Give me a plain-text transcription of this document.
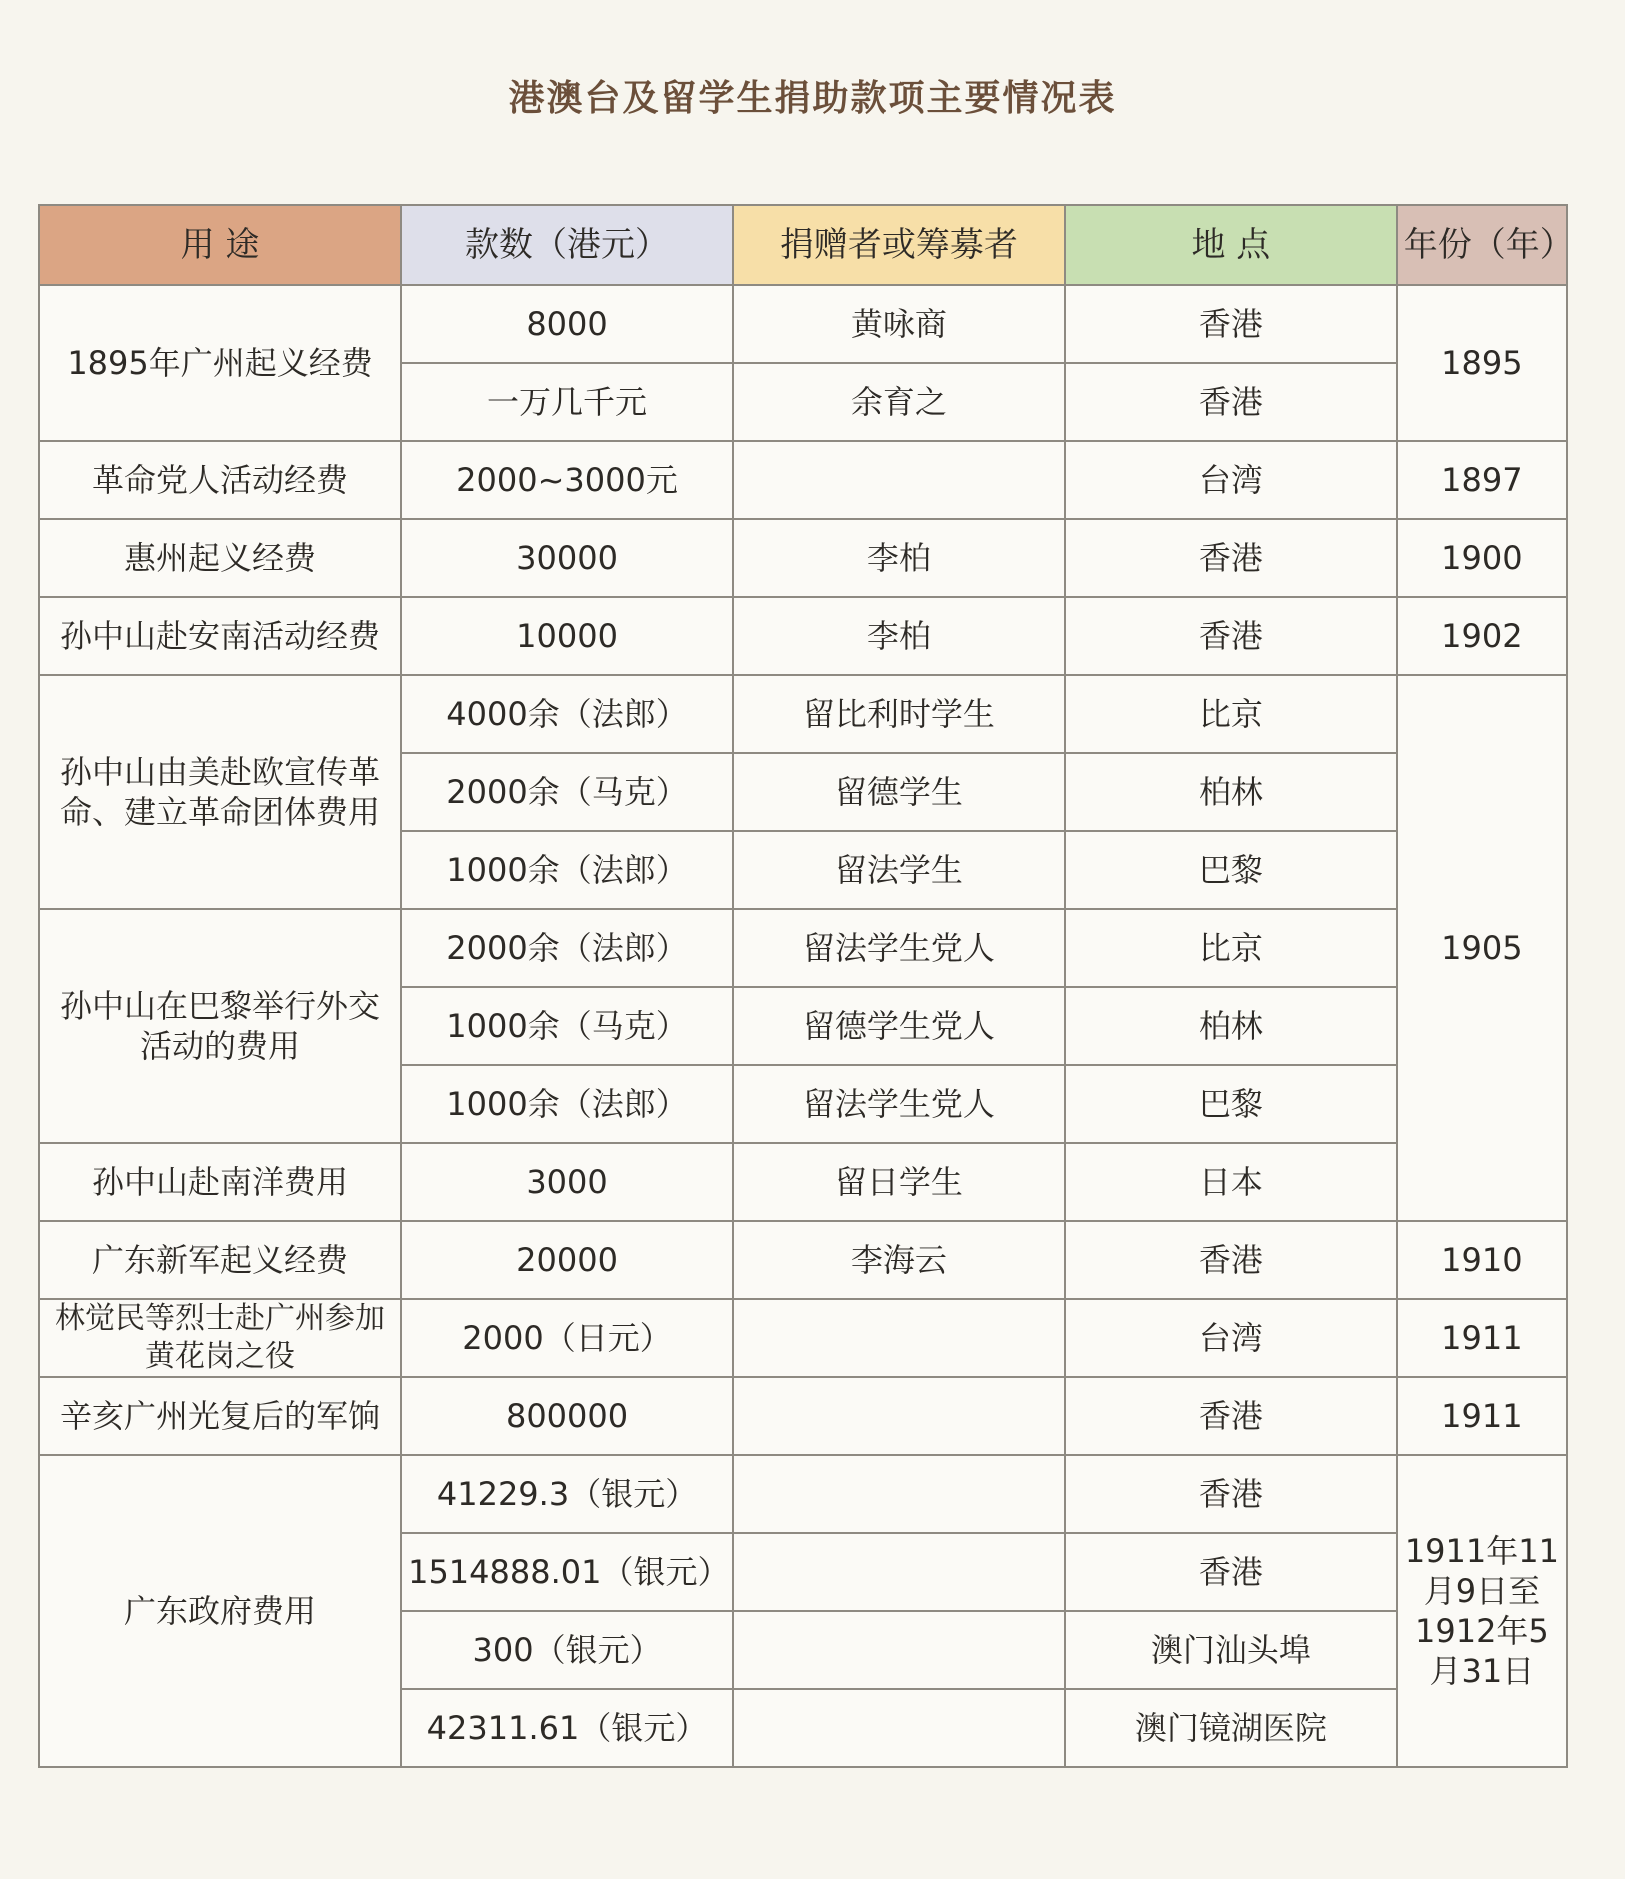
港澳台及留学生捐助款项主要情况表
用 途	款数（港元）	捐赠者或筹募者	地 点	年份（年）
1895年广州起义经费	8000	黄咏商	香港	1895
	一万几千元	余育之	香港	
革命党人活动经费	2000~3000元		台湾	1897
惠州起义经费	30000	李柏	香港	1900
孙中山赴安南活动经费	10000	李柏	香港	1902
孙中山由美赴欧宣传革命、建立革命团体费用	4000余（法郎）	留比利时学生	比京	1905
	2000余（马克）	留德学生	柏林	
	1000余（法郎）	留法学生	巴黎	
孙中山在巴黎举行外交活动的费用	2000余（法郎）	留法学生党人	比京	
	1000余（马克）	留德学生党人	柏林	
	1000余（法郎）	留法学生党人	巴黎	
孙中山赴南洋费用	3000	留日学生	日本	
广东新军起义经费	20000	李海云	香港	1910
林觉民等烈士赴广州参加黄花岗之役	2000（日元）		台湾	1911
辛亥广州光复后的军饷	800000		香港	1911
广东政府费用	41229.3（银元）		香港	1911年11月9日至1912年5月31日
	1514888.01（银元）		香港	
	300（银元）		澳门汕头埠	
	42311.61（银元）		澳门镜湖医院	
